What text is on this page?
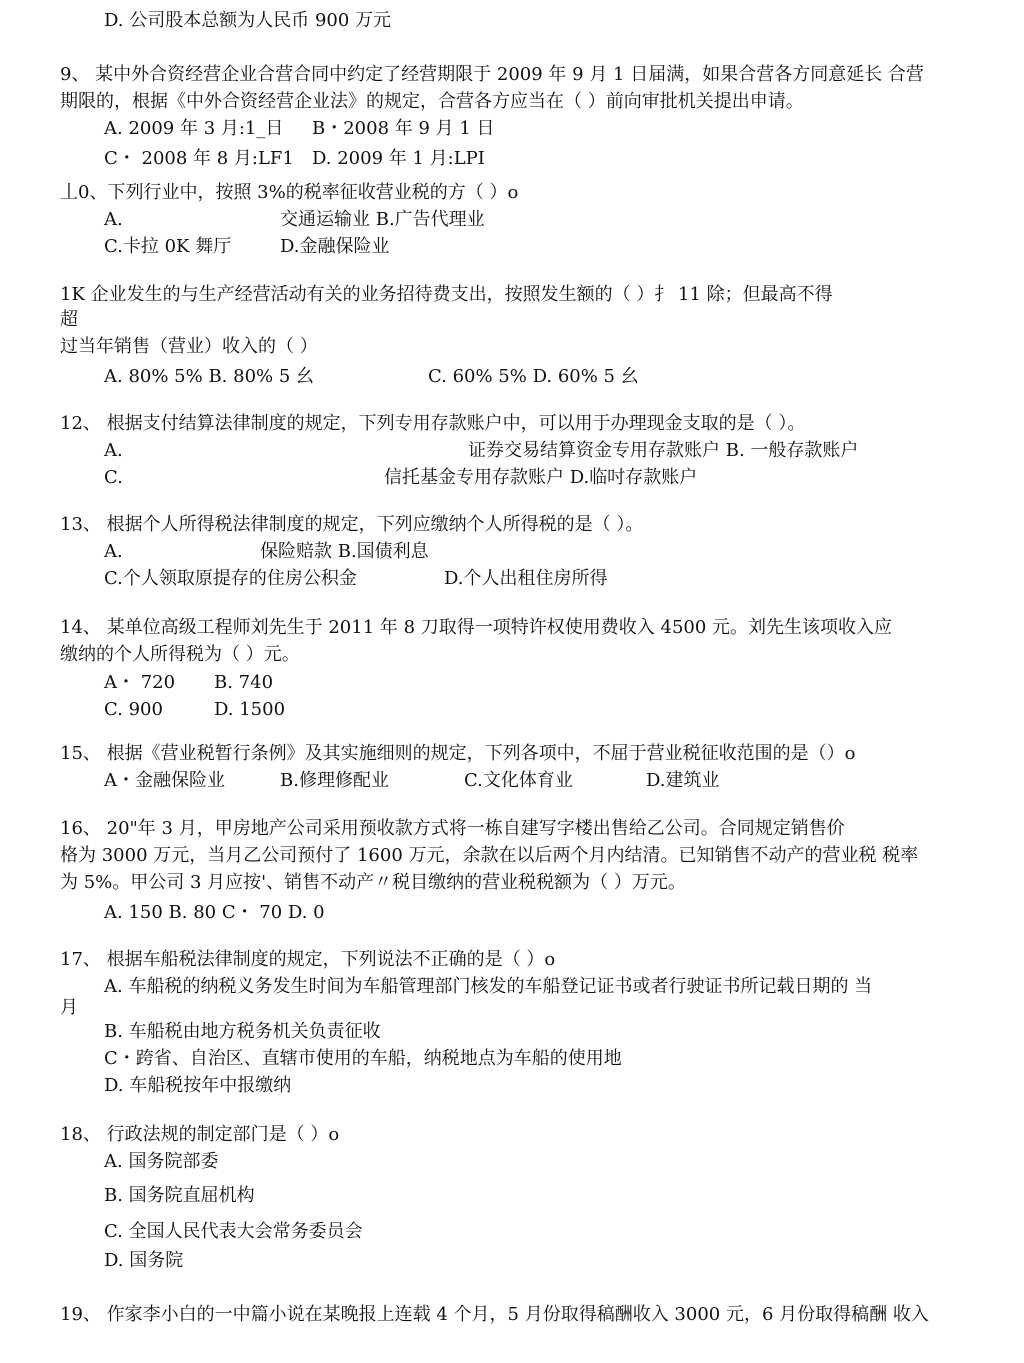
D. 公司股本总额为人民币 900 万元
9、 某中外合资经营企业合营合同中约定了经营期限于 2009 年 9 月 1 日届满，如果合营各方同意延长 合营
期限的，根据《中外合资经营企业法》的规定，合营各方应当在（ ）前向审批机关提出申请。
A. 2009 年 3 月:1_日 B・2008 年 9 月 1 日
C・ 2008 年 8 月:LF1 D. 2009 年 1 月:LPI
丄0、下列行业中，按照 3%的税率征收营业税的方（ ）o
A.	交通运输业 B.广告代理业
C.卡拉 0K 舞厅	D.金融保险业
1K 企业发生的与生产经营活动有关的业务招待费支出，按照发生额的（ ）扌 11 除；但最高不得
超
过当年销售（营业）收入的（ ）
A. 80% 5% B. 80% 5 幺	C. 60% 5% D. 60% 5 幺
12、 根据支付结算法律制度的规定，下列专用存款账户中，可以用于办理现金支取的是（ ）。
A.	证券交易结算资金专用存款账户 B. 一般存款账户
C.	信托基金专用存款账户 D.临吋存款账户
13、 根据个人所得税法律制度的规定，下列应缴纳个人所得税的是（ ）。
A.	保险赔款 B.国债利息
C.个人领取原提存的住房公积金	D.个人出租住房所得
14、 某单位高级工程师刘先生于 2011 年 8 刀取得一项特许权使用费收入 4500 元。刘先生该项收入应
缴纳的个人所得税为（ ）元。
A・ 720 B. 740
C. 900	D. 1500
15、 根据《营业税暂行条例》及其实施细则的规定，下列各项中，不屈于营业税征收范围的是（）o
A・金融保险业	B.修理修配业	C.文化体育业	D.建筑业
16、 20"年 3 月，甲房地产公司采用预收款方式将一栋自建写字楼出售给乙公司。合同规定销售价
格为 3000 万元，当月乙公司预付了 1600 万元，余款在以后两个月内结清。已知销售不动产的营业税 税率
为 5%。甲公司 3 月应按'、销售不动产〃税目缴纳的营业税税额为（ ）万元。
A. 150 B. 80 C・ 70 D. 0
17、 根据车船税法律制度的规定，下列说法不正确的是（ ）o
A. 车船税的纳税义务发生时间为车船管理部门核发的车船登记证书或者行驶证书所记载日期的 当
月
B. 车船税由地方税务机关负责征收
C・跨省、自治区、直辖市使用的车船，纳税地点为车船的使用地
D. 车船税按年中报缴纳
18、 行政法规的制定部门是（ ）o
A. 国务院部委
B. 国务院直屈机构
C. 全国人民代表大会常务委员会
D. 国务院
19、 作家李小白的一中篇小说在某晚报上连载 4 个月，5 月份取得稿酬收入 3000 元，6 月份取得稿酬 收入
